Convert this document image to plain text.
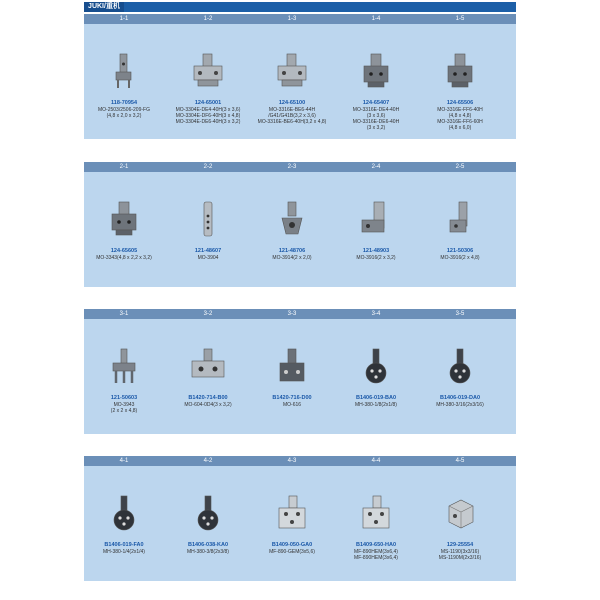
JUKI/重机
1-1	1-2	1-3	1-4	1-5
118-70954
MO-2503/2506-209-FG
(4,8 x 2,0 x 3,2)
124-65001
MO-3304E-DE4-40H(3 x 3,6)
MO-3304E-DF6-40H(3 x 4,8)
MO-3304E-DE6-40H(3 x 3,2)
124-65100
MO-3316E-BE6-44H
/G41/G41B(3,2 x 3,6)
MO-3316E-BE6-40H(3,2 x 4,8)
124-65407
MO-3316E-DE4-40H
(3 x 3,6)
MO-3316E-DE6-40H
(3 x 3,2)
124-65506
MO-3316E-FF6-40H
(4,8 x 4,8)
MO-3316E-FF6-60H
(4,8 x 6,0)
2-1	2-2	2-3	2-4	2-5
124-65605
MO-3343(4,8 x 2,2 x 3,2)
121-48607
MO-3904
121-48706
MO-3914(2 x 2,0)
121-48903
MO-3916(2 x 3,2)
121-50306
MO-3916(2 x 4,8)
3-1	3-2	3-3	3-4	3-5
121-50603
MO-3943
(2 x 2 x 4,8)
B1420-714-B00
MO-604-0D4(3 x 3,2)
B1420-716-D00
MO-616
B1406-019-BA0
MH-380-1/8(2x1/8)
B1406-019-DA0
MH-380-3/16(2x3/16)
4-1	4-2	4-3	4-4	4-5
B1406-019-FA0
MH-380-1/4(2x1/4)
B1406-038-KA0
MH-380-3/8(2x3/8)
B1409-050-GA0
MF-890-GEM(3x5,6)
B1409-650-HA0
MF-890HEM(3x6,4)
MF-890HEM(3x6,4)
129-25554
MS-1190(3x3/16)
MS-1190M(2x3/16)
